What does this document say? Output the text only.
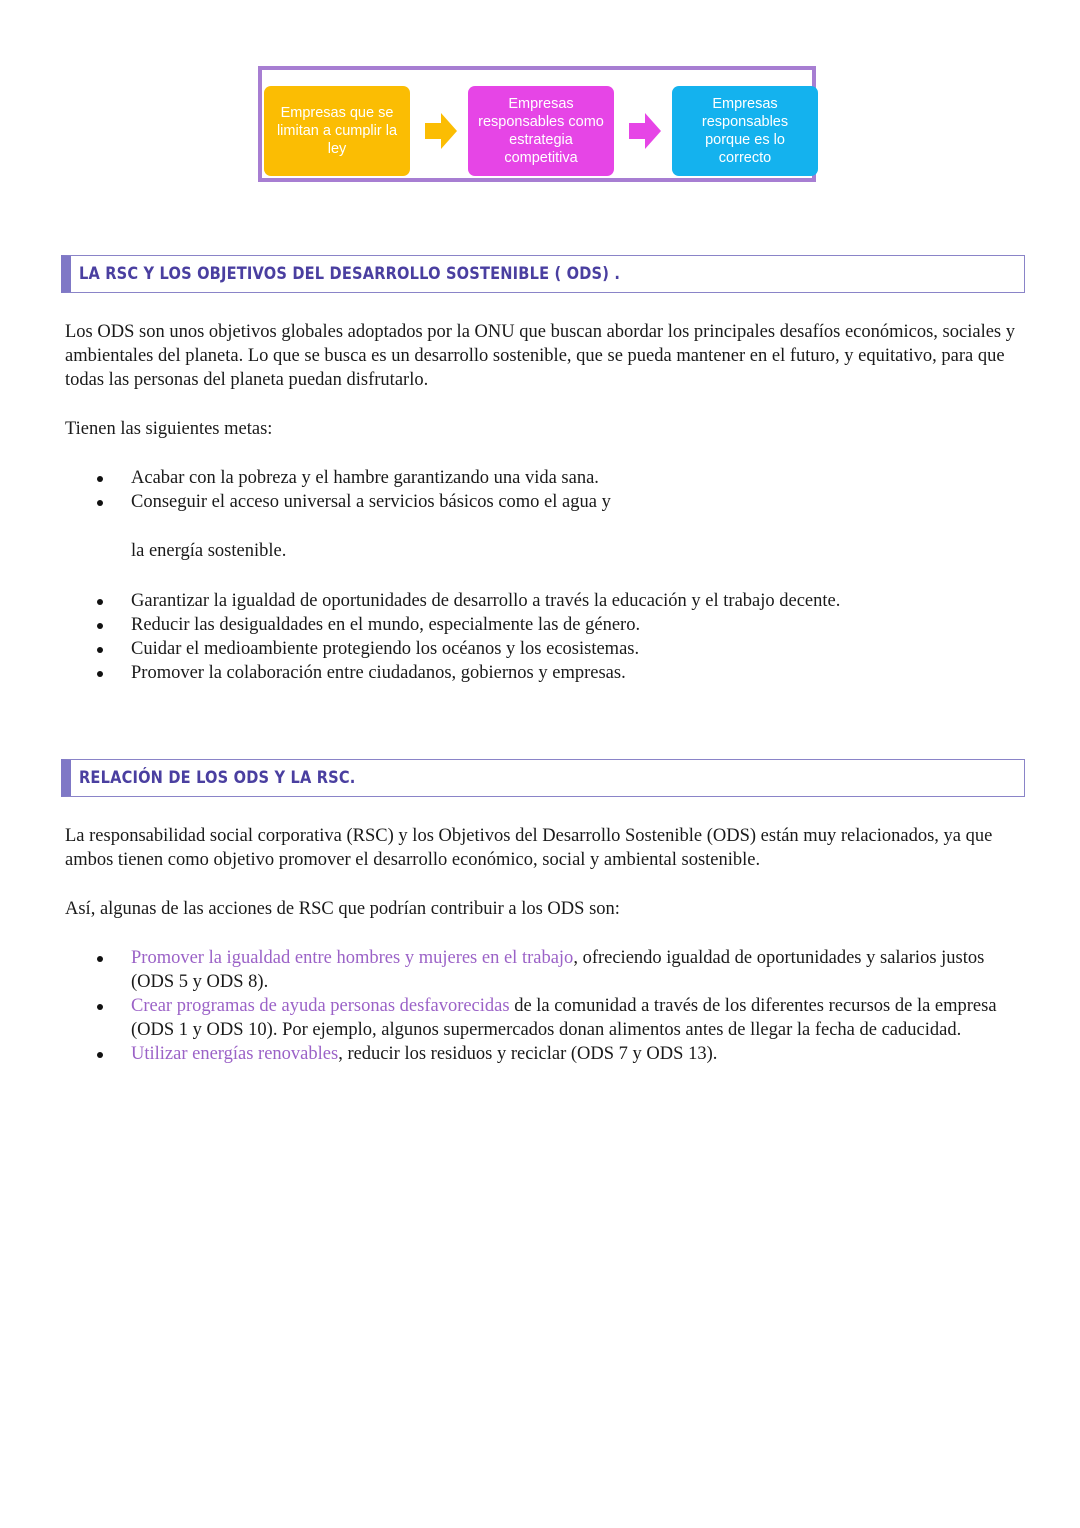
Empresas que se
limitan a cumplir la
ley
Empresas
responsables como
estrategia
competitiva
Empresas
responsables
porque es lo
correcto
LA RSC Y LOS OBJETIVOS DEL DESARROLLO SOSTENIBLE ( ODS) .

Los ODS son unos objetivos globales adoptados por la ONU que buscan abordar los principales desafíos económicos, sociales y ambientales del planeta. Lo que se busca es un desarrollo sostenible, que se pueda mantener en el futuro, y equitativo, para que todas las personas del planeta puedan disfrutarlo.

Tienen las siguientes metas:

Acabar con la pobreza y el hambre garantizando una vida sana.
Conseguir el acceso universal a servicios básicos como el agua y

la energía sostenible.

Garantizar la igualdad de oportunidades de desarrollo a través la educación y el trabajo decente.
Reducir las desigualdades en el mundo, especialmente las de género.
Cuidar el medioambiente protegiendo los océanos y los ecosistemas.
Promover la colaboración entre ciudadanos, gobiernos y empresas.
RELACIÓN DE LOS ODS Y LA RSC.

La responsabilidad social corporativa (RSC) y los Objetivos del Desarrollo Sostenible (ODS) están muy relacionados, ya que ambos tienen como objetivo promover el desarrollo económico, social y ambiental sostenible.

Así, algunas de las acciones de RSC que podrían contribuir a los ODS son:

Promover la igualdad entre hombres y mujeres en el trabajo, ofreciendo igualdad de oportunidades y salarios justos (ODS 5 y ODS 8).
Crear programas de ayuda personas desfavorecidas de la comunidad a través de los diferentes recursos de la empresa (ODS 1 y ODS 10). Por ejemplo, algunos supermercados donan alimentos antes de llegar la fecha de caducidad.
Utilizar energías renovables, reducir los residuos y reciclar (ODS 7 y ODS 13).
